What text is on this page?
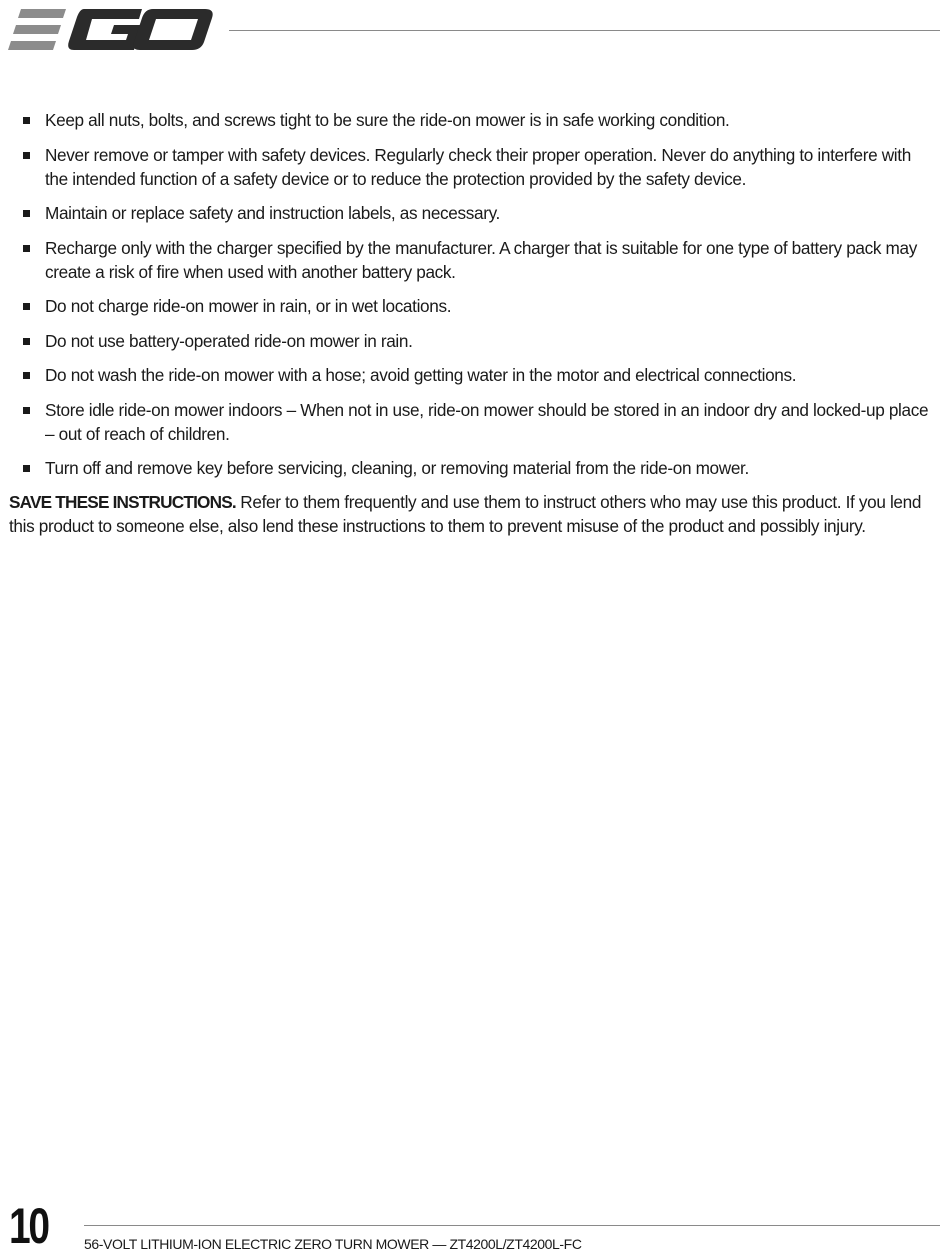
Keep all nuts, bolts, and screws tight to be sure the ride-on mower is in safe working condition.
Never remove or tamper with safety devices. Regularly check their proper operation. Never do anything to interfere with the intended function of a safety device or to reduce the protection provided by the safety device.
Maintain or replace safety and instruction labels, as necessary.
Recharge only with the charger specified by the manufacturer. A charger that is suitable for one type of battery pack may create a risk of fire when used with another battery pack.
Do not charge ride-on mower in rain, or in wet locations.
Do not use battery-operated ride-on mower in rain.
Do not wash the ride-on mower with a hose; avoid getting water in the motor and electrical connections.
Store idle ride-on mower indoors – When not in use, ride-on mower should be stored in an indoor dry and locked-up place – out of reach of children.
Turn off and remove key before servicing, cleaning, or removing material from the ride-on mower.

SAVE THESE INSTRUCTIONS. Refer to them frequently and use them to instruct others who may use this product. If you lend this product to someone else, also lend these instructions to them to prevent misuse of the product and possibly injury.

10	56-VOLT LITHIUM-ION ELECTRIC ZERO TURN MOWER — ZT4200L/ZT4200L-FC
